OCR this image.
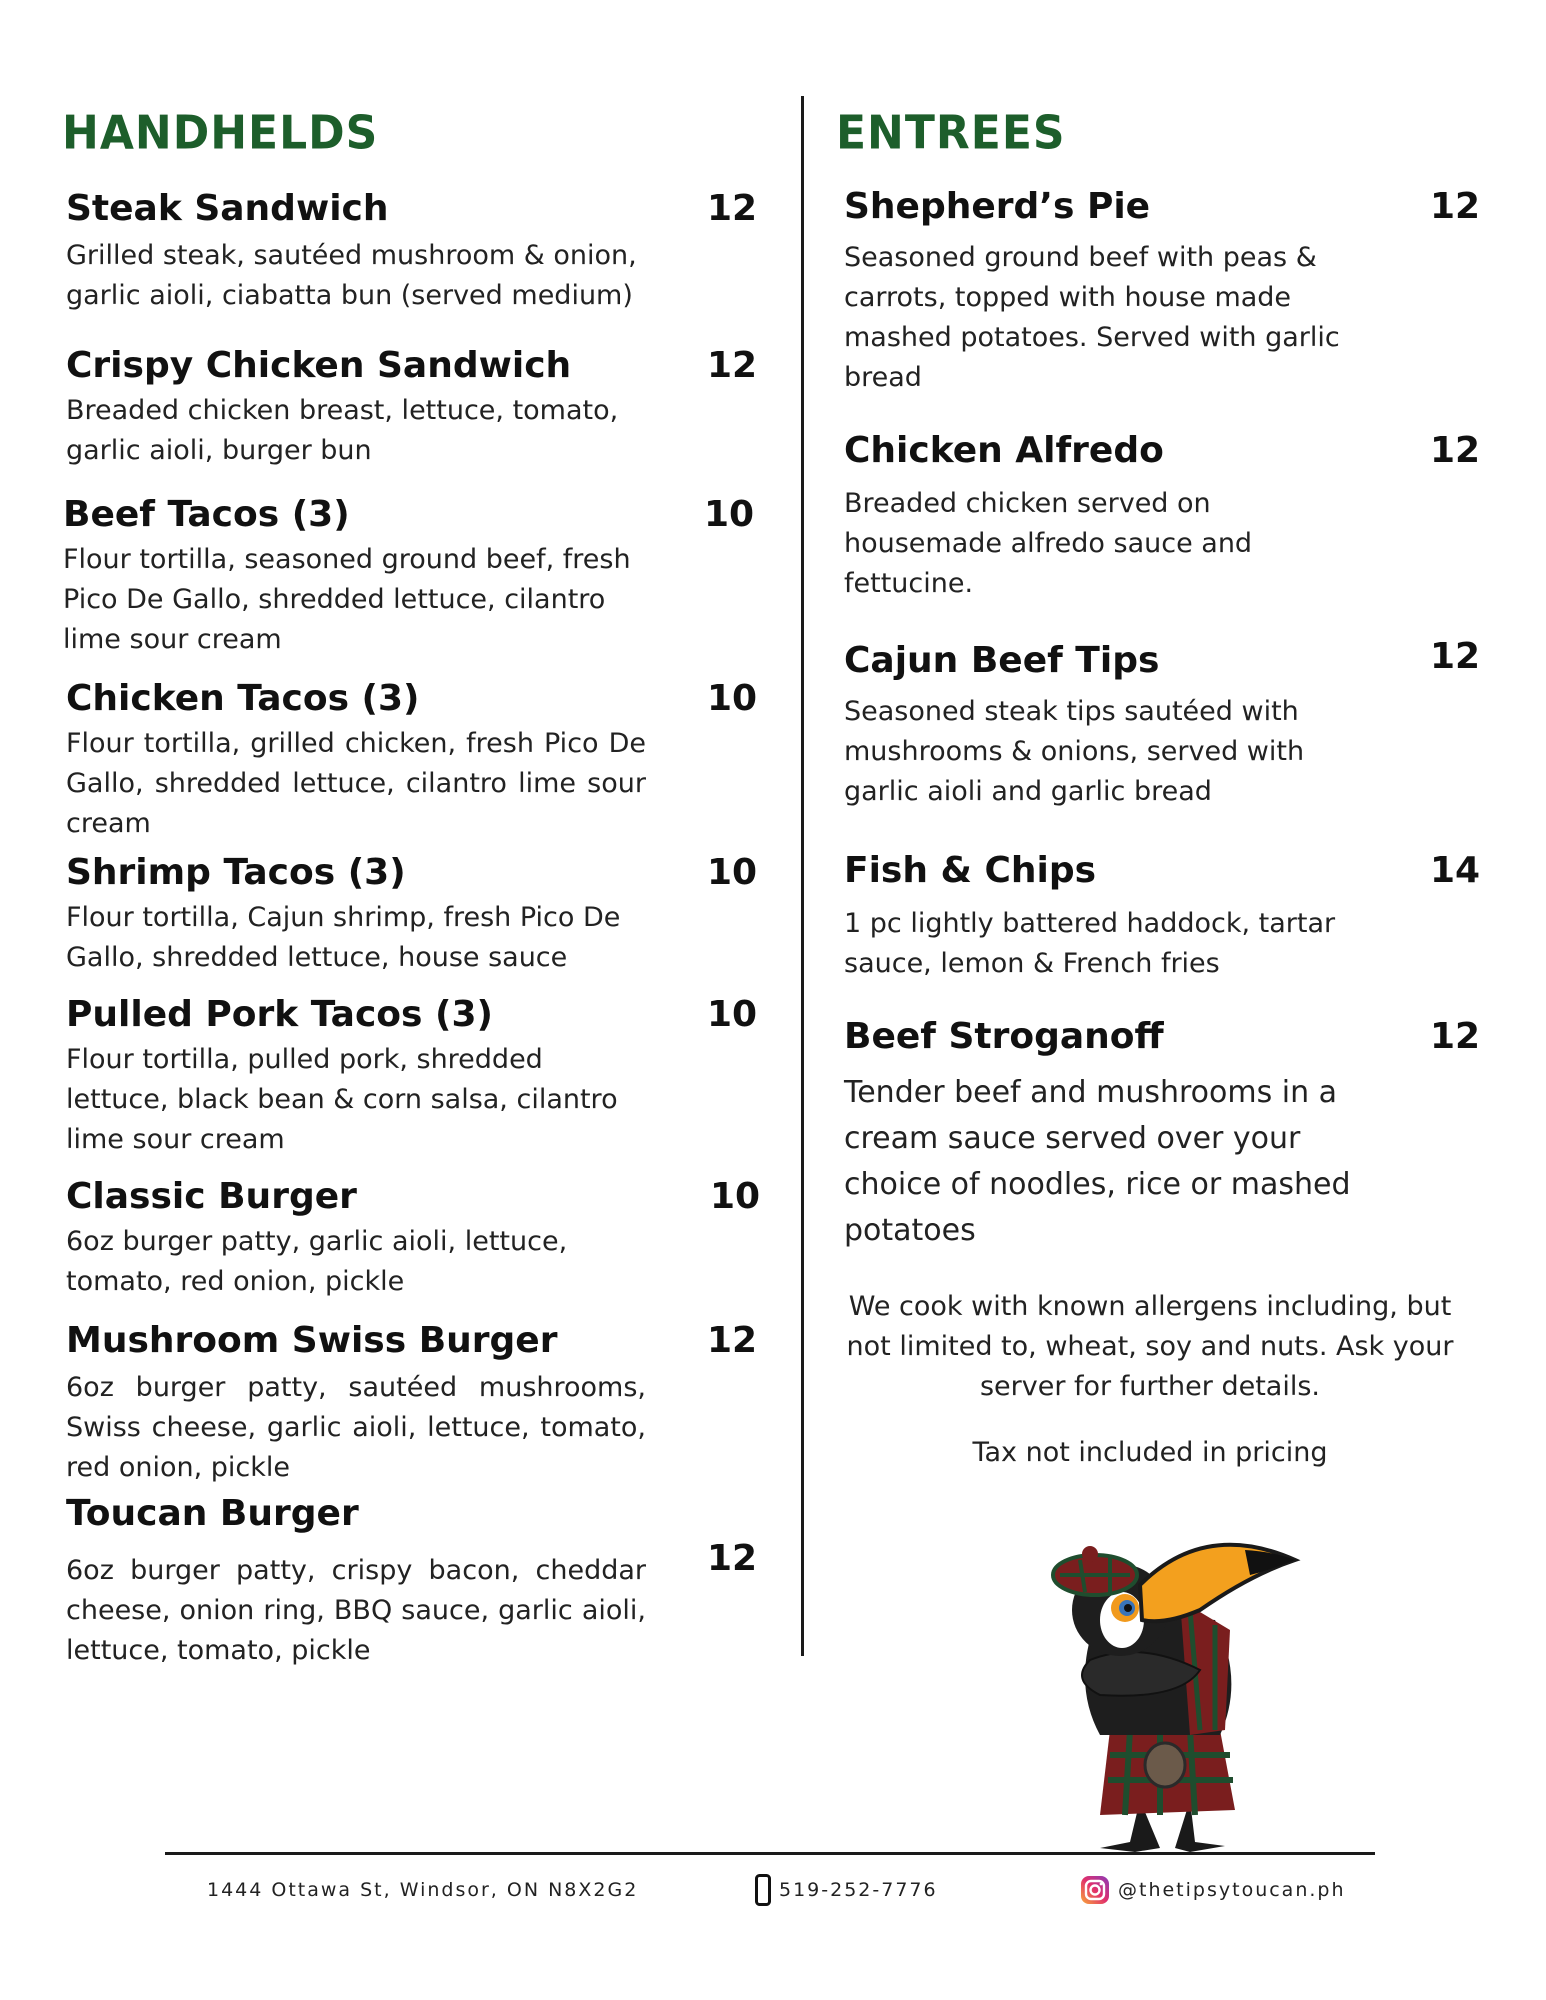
HANDHELDS
Steak Sandwich	12
Grilled steak, sautéed mushroom & onion, garlic aioli, ciabatta bun (served medium)
Crispy Chicken Sandwich	12
Breaded chicken breast, lettuce, tomato, garlic aioli, burger bun
Beef Tacos (3)	10
Flour tortilla, seasoned ground beef, fresh Pico De Gallo, shredded lettuce, cilantro lime sour cream
Chicken Tacos (3)	10
Flour tortilla, grilled chicken, fresh Pico De Gallo, shredded lettuce, cilantro lime sour cream
Shrimp Tacos (3)	10
Flour tortilla, Cajun shrimp, fresh Pico De Gallo, shredded lettuce, house sauce
Pulled Pork Tacos (3)	10
Flour tortilla, pulled pork, shredded lettuce, black bean & corn salsa, cilantro lime sour cream
Classic Burger	10
6oz burger patty, garlic aioli, lettuce, tomato, red onion, pickle
Mushroom Swiss Burger	12
6oz burger patty, sautéed mushrooms, Swiss cheese, garlic aioli, lettuce, tomato, red onion, pickle
Toucan Burger
12
6oz burger patty, crispy bacon, cheddar cheese, onion ring, BBQ sauce, garlic aioli, lettuce, tomato, pickle
ENTREES
Shepherd’s Pie	12
Seasoned ground beef with peas & carrots, topped with house made mashed potatoes. Served with garlic bread
Chicken Alfredo	12
Breaded chicken served on housemade alfredo sauce and fettucine.
Cajun Beef Tips	12
Seasoned steak tips sautéed with mushrooms & onions, served with garlic aioli and garlic bread
Fish & Chips	14
1 pc lightly battered haddock, tartar sauce, lemon & French fries
Beef Stroganoff	12
Tender beef and mushrooms in a cream sauce served over your choice of noodles, rice or mashed potatoes

We cook with known allergens including, but not limited to, wheat, soy and nuts. Ask your server for further details.

Tax not included in pricing

1444 Ottawa St, Windsor, ON N8X2G2	519-252-7776	@thetipsytoucan.ph
